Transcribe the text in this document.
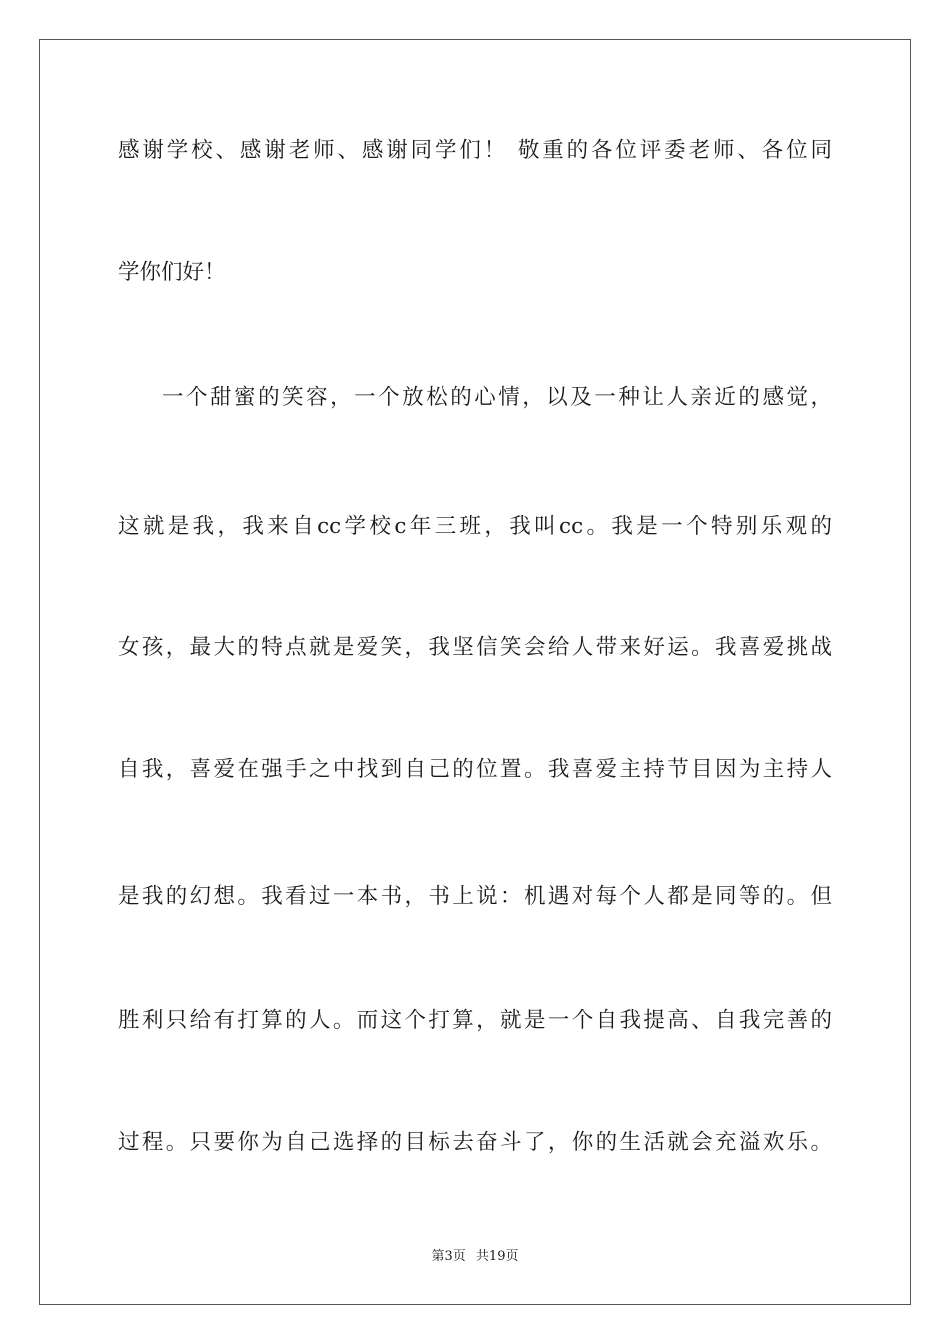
感谢学校、感谢老师、感谢同学们！ 敬重的各位评委老师、各位同

学你们好！

一个甜蜜的笑容，一个放松的心情，以及一种让人亲近的感觉，

这就是我，我来自cc学校c年三班，我叫cc。我是一个特别乐观的

女孩，最大的特点就是爱笑，我坚信笑会给人带来好运。我喜爱挑战

自我，喜爱在强手之中找到自己的位置。我喜爱主持节目因为主持人

是我的幻想。我看过一本书，书上说：机遇对每个人都是同等的。但

胜利只给有打算的人。而这个打算，就是一个自我提高、自我完善的

过程。只要你为自己选择的目标去奋斗了，你的生活就会充溢欢乐。

第3页 共19页
